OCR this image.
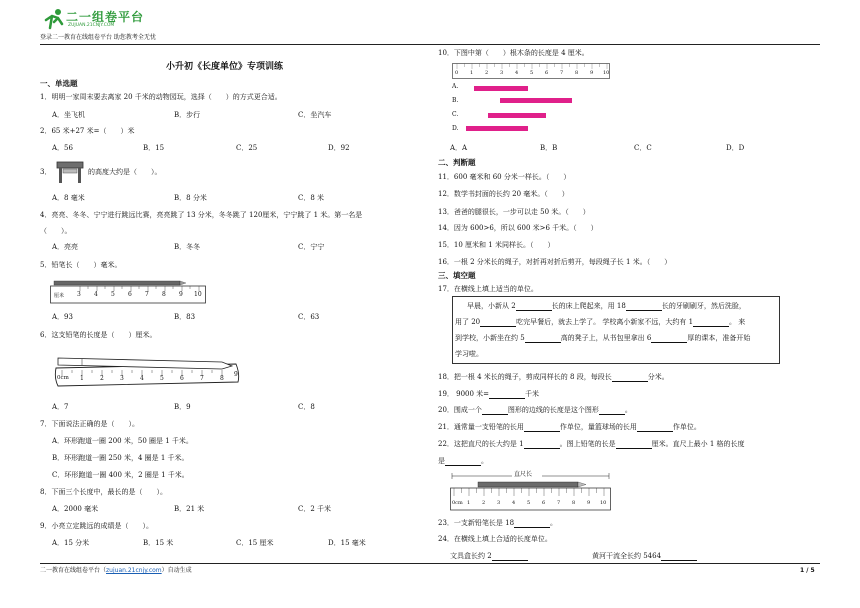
二一组卷平台
ZUJUAN.21CNJY.COM
登录二一教育在线组卷平台 助您教考全无忧
小升初《长度单位》专项训练
一、单选题
1．明明一家周末要去离家 20 千米的动物园玩，选择（　　）的方式更合适。
A．坐飞机	B．步行	C．坐汽车
2．65 米+27 米=（　　）米
A．56	B．15	C．25	D．92
3．	的高度大约是（　　）。
A．8 毫米	B．8 分米	C．8 米
4．亮亮、冬冬、宁宁进行跳远比赛，亮亮跳了 13 分米，冬冬跳了 120厘米，宁宁跳了 1 米。第一名是
（　　）。
A．亮亮	B．冬冬	C．宁宁
5．铅笔长（　　）毫米。
厘米 3 4 5 6 7 8 9 10
A．93	B．83	C．63
6．这支铅笔的长度是（　　）厘米。
0cm 1	2	3	4	5	6	7	8
9
A．7	B．9	C．8
7．下面说法正确的是（　　）。
A．环形跑道一圈 200 米，50 圈是 1 千米。
B．环形跑道一圈 250 米，4 圈是 1 千米。
C．环形跑道一圈 400 米，2 圈是 1 千米。
8．下面三个长度中，最长的是（　　）。
A．2000 毫米	B．21 米	C．2 千米
9．小亮立定跳远的成绩是（　　）。
A．15 分米	B．15 米	C．15 厘米	D．15 毫米
10．下图中第（　　）根木条的长度是 4 厘米。
0 1 2 3 4 5 6 7 8 9 10
A.
B.
C.
D.
A．A	B．B	C．C	D．D
二、判断题
11．600 毫米和 60 分米一样长。（　　）
12．数学书封面的长约 20 毫米。（　　）
13．爸爸的腿很长，一步可以走 50 米。（　　）
14．因为 600>6，所以 600 米>6 千米。（　　）
15．10 厘米和 1 米同样长。（　　）
16．一根 2 分米长的绳子，对折再对折后剪开，每段绳子长 1 米。（　　）
三、填空题
17．在横线上填上适当的单位。
早晨，小新从 2	长的床上爬起来，用 18	长的牙刷刷牙，然后洗脸，
用了 20	吃完早餐后，就去上学了。 学校离小新家不远，大约有 1	。 来
到学校，小新坐在约 5	高的凳子上，从书包里拿出 6	厚的课本，准备开始
学习啦。
18．把一根 4 米长的绳子，剪成同样长的 8 段，每段长	分米。
19． 9000 米=	千米
20．围成一个	图形的边线的长度是这个图形	。
21．通常量一支铅笔的长用	作单位，量篮球场的长用	作单位。
22．这把直尺的长大约是 1	。图上铅笔的长是	厘米。直尺上最小 1 格的长度
是	。
直尺长
0cm 1 2 3 4 5 6 7 8 9 10
23．一支新铅笔长是 18	。
24．在横线上填上合适的长度单位。
文具盒长约 2	黄河干流全长约 5464
二一教育在线组卷平台（zujuan.21cnjy.com）自动生成	1 / 5
